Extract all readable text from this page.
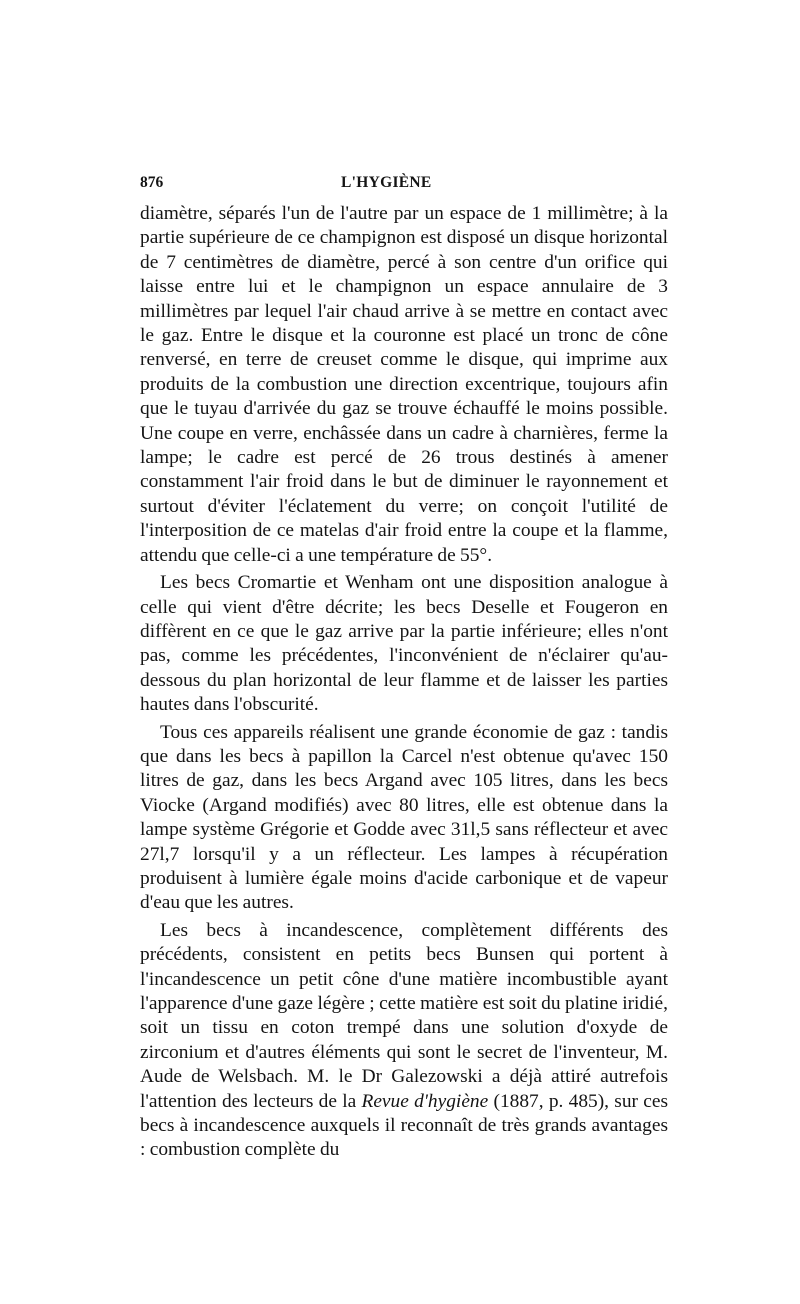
876	L'HYGIÈNE

diamètre, séparés l'un de l'autre par un espace de 1 millimètre; à la partie supérieure de ce champignon est disposé un disque horizontal de 7 centimètres de diamètre, percé à son centre d'un orifice qui laisse entre lui et le champignon un espace annulaire de 3 millimètres par lequel l'air chaud arrive à se mettre en contact avec le gaz. Entre le disque et la couronne est placé un tronc de cône renversé, en terre de creuset comme le disque, qui imprime aux produits de la combustion une direction excentrique, toujours afin que le tuyau d'arrivée du gaz se trouve échauffé le moins possible. Une coupe en verre, enchâssée dans un cadre à charnières, ferme la lampe; le cadre est percé de 26 trous destinés à amener constamment l'air froid dans le but de diminuer le rayonnement et surtout d'éviter l'éclatement du verre; on conçoit l'utilité de l'interposition de ce matelas d'air froid entre la coupe et la flamme, attendu que celle-ci a une température de 55°.

Les becs Cromartie et Wenham ont une disposition analogue à celle qui vient d'être décrite; les becs Deselle et Fougeron en diffèrent en ce que le gaz arrive par la partie inférieure; elles n'ont pas, comme les précédentes, l'inconvénient de n'éclairer qu'au-dessous du plan horizontal de leur flamme et de laisser les parties hautes dans l'obscurité.

Tous ces appareils réalisent une grande économie de gaz : tandis que dans les becs à papillon la Carcel n'est obtenue qu'avec 150 litres de gaz, dans les becs Argand avec 105 litres, dans les becs Viocke (Argand modifiés) avec 80 litres, elle est obtenue dans la lampe système Grégorie et Godde avec 31l,5 sans réflecteur et avec 27l,7 lorsqu'il y a un réflecteur. Les lampes à récupération produisent à lumière égale moins d'acide carbonique et de vapeur d'eau que les autres.

Les becs à incandescence, complètement différents des précédents, consistent en petits becs Bunsen qui portent à l'incandescence un petit cône d'une matière incombustible ayant l'apparence d'une gaze légère ; cette matière est soit du platine iridié, soit un tissu en coton trempé dans une solution d'oxyde de zirconium et d'autres éléments qui sont le secret de l'inventeur, M. Aude de Welsbach. M. le Dr Galezowski a déjà attiré autrefois l'attention des lecteurs de la Revue d'hygiène (1887, p. 485), sur ces becs à incandescence auxquels il reconnaît de très grands avantages : combustion complète du
